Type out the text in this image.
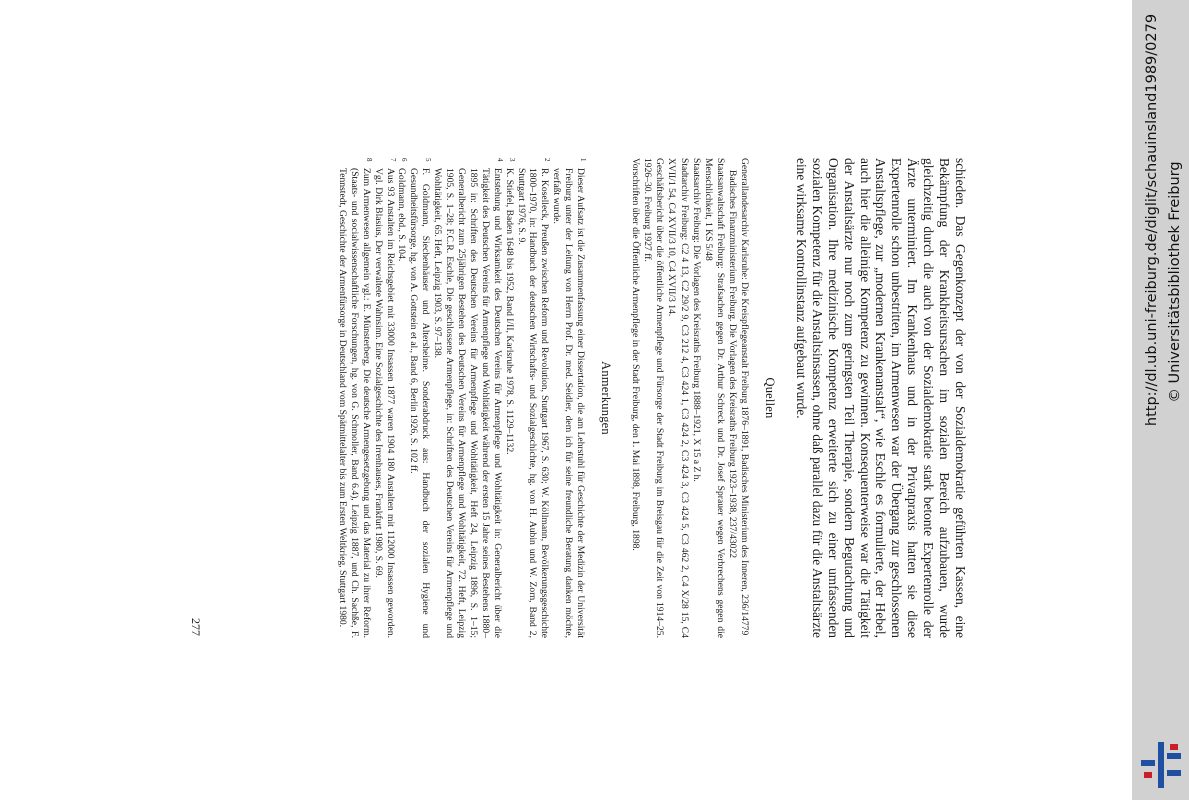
schieden. Das Gegenkonzept der von der Sozialdemokratie geführten Kassen, eine Bekämpfung der Krankheitsursachen im sozialen Bereich aufzubauen, wurde gleichzeitig durch die auch von der Sozialdemokratie stark betonte Expertenrolle der Ärzte unterminiert. Im Krankenhaus und in der Privatpraxis hatten sie diese Expertenrolle schon unbestritten, im Armenwesen war der Übergang zur geschlossenen Anstaltspflege, zur „modernen Krankenanstalt“, wie Eschle es formulierte, der Hebel, auch hier die alleinige Kompetenz zu gewinnen. Konsequenterweise war die Tätigkeit der Anstaltsärzte nur noch zum geringsten Teil Therapie, sondern Begutachtung und Organisation. Ihre medizinische Kompetenz erweiterte sich zu einer umfassenden sozialen Kompetenz für die Anstaltsinsassen, ohne daß parallel dazu für die Anstaltsärzte eine wirksame Kontrollinstanz aufgebaut wurde.

Quellen

Generallandesarchiv Karlsruhe: Die Kreispflegeanstalt Freiburg 1876–1891, Badisches Ministerium des Inneren, 236/14779

Badisches Finanzministerium Freiburg. Die Vorlagen des Kreisraths Freiburg 1923–1938, 237/43022

Staatsanwaltschaft Freiburg: Strafsachen gegen Dr. Arthur Schreck und Dr. Josef Sprauer wegen Verbrechens gegen die Menschlichkeit, 1 KS 5/48

Staatsarchiv Freiburg: Die Vorlagen des Kreisraths Freiburg 1888–1921, X 15 a Z h.

Stadtarchiv Freiburg: C2 4 13, C2 29/2 9, C3 212 4, C3 424 1, C3 424 2, C3 424 3, C3 424 5, C3 462 2, C4 X/28 15, C4 XVII/1 54, C4 XVII/3 10, C4 XVII/3 14.

Geschäftsbericht über die öffentliche Armenpflege und Fürsorge der Stadt Freiburg im Breisgau für die Zeit von 1914–25. 1926–30. Freiburg 1927 ff.

Vorschriften über die Öffentliche Armenpflege in der Stadt Freiburg, den 1. Mai 1898, Freiburg, 1898.

Anmerkungen
1
Dieser Aufsatz ist die Zusammenfassung einer Dissertation, die am Lehrstuhl für Geschichte der Medizin der Universität Freiburg unter der Leitung von Herrn Prof. Dr. med. Seidler, dem ich für seine freundliche Beratung danken möchte, verfaßt wurde.
2
R. Koselleck, Preußen zwischen Reform und Revolution, Stuttgart 1967, S. 630; W. Köllmann, Bevölkerungsgeschichte 1800–1970, in: Handbuch der deutschen Wirtschafts- und Sozialgeschichte, hg. von H. Aubin und W. Zorn, Band 2, Stuttgart 1976, S. 9.
3
K. Stiefel, Baden 1648 bis 1952, Band I/II, Karlsruhe 1978, S. 1129–1132.
4
Entstehung und Wirksamkeit des Deutschen Vereins für Armenpflege und Wohltätigkeit in: Generalbericht über die Tätigkeit des Deutschen Vereins für Armenpflege und Wohltätigkeit während der ersten 15 Jahre seines Bestehens 1880–1895 in: Schriften des Deutschen Vereins für Armenpflege und Wohltätigkeit, Heft 24, Leipzig 1896, S. 1–15; Generalbericht zum 25jährigen Bestehen des Deutschen Vereins für Armenpflege und Wohltätigkeit, 72. Heft, Leipzig 1905, S. 1–28; F.C.R. Eschle, Die geschlossene Armenpflege, in: Schriften des Deutschen Vereins für Armenpflege und Wohltätigkeit, 65. Heft, Leipzig 1903, S. 97–138.
5
F. Goldmann, Siechenhäuser und Altersheime. Sonderabdruck aus: Handbuch der sozialen Hygiene und Gesundheitsfürsorge, hg. von A. Gottstein et al., Band 6, Berlin 1926, S. 102 ff.
6
Goldmann, ebd., S. 104.
7
Aus 93 Anstalten im Reichsgebiet mit 33000 Insassen 1877 waren 1904 180 Anstalten mit 112000 Insassen geworden. Vgl. Dirk Blasius, Der verwaltete Wahnsinn. Eine Sozialgeschichte des Irrenhauses, Frankfurt 1980, S. 69.
8
Zum Armenwesen allgemein vgl.: E. Münsterberg, Die deutsche Armengesetzgebung und das Material zu ihrer Reform. (Staats- und socialwissenschaftliche Forschungen, hg. von G. Schmoller, Band 6.4), Leipzig 1887, und Ch. Sachße, F. Tennstedt, Geschichte der Armenfürsorge in Deutschland vom Spätmittelalter bis zum Ersten Weltkrieg, Stuttgart 1980.
277
http://dl.ub.uni-freiburg.de/diglit/schauinsland1989/0279 © Universitätsbibliothek Freiburg
